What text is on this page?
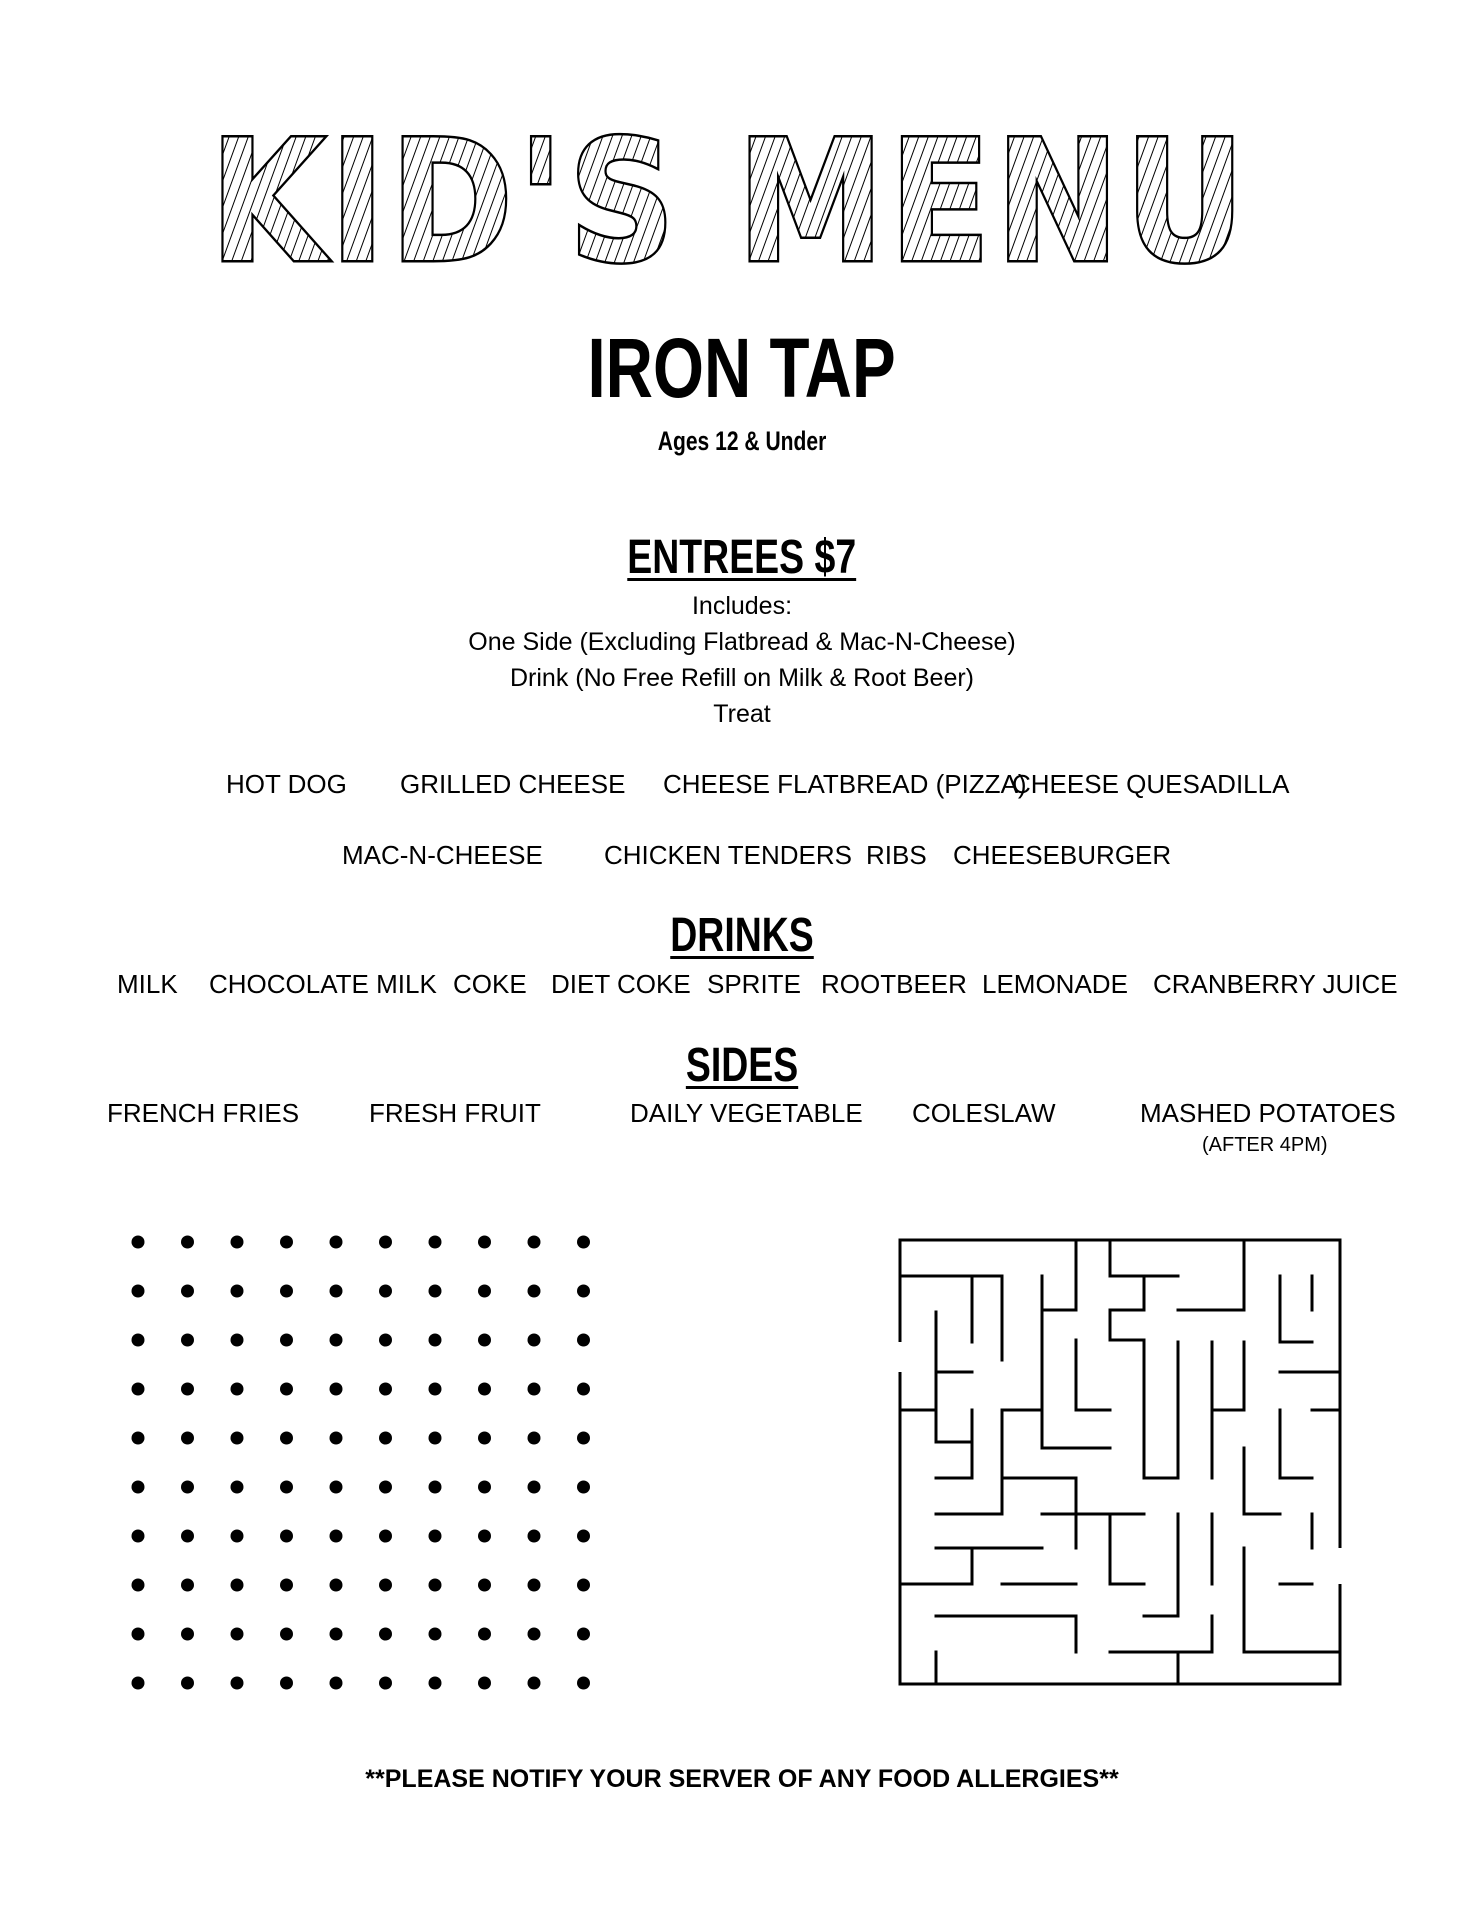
KID'S MENU
IRON TAP
Ages 12 & Under
ENTREES $7
Includes:
One Side (Excluding Flatbread & Mac-N-Cheese)
Drink (No Free Refill on Milk & Root Beer)
Treat
HOT DOG GRILLED CHEESE CHEESE FLATBREAD (PIZZA)
CHEESE QUESADILLA
MAC-N-CHEESE CHICKEN TENDERS RIBS CHEESEBURGER
DRINKS
MILK CHOCOLATE MILK COKE DIET COKE SPRITE ROOTBEER LEMONADE CRANBERRY JUICE
SIDES
FRENCH FRIES	FRESH FRUIT	DAILY VEGETABLE COLESLAW	MASHED POTATOES
(AFTER 4PM)
**PLEASE NOTIFY YOUR SERVER OF ANY FOOD ALLERGIES**
